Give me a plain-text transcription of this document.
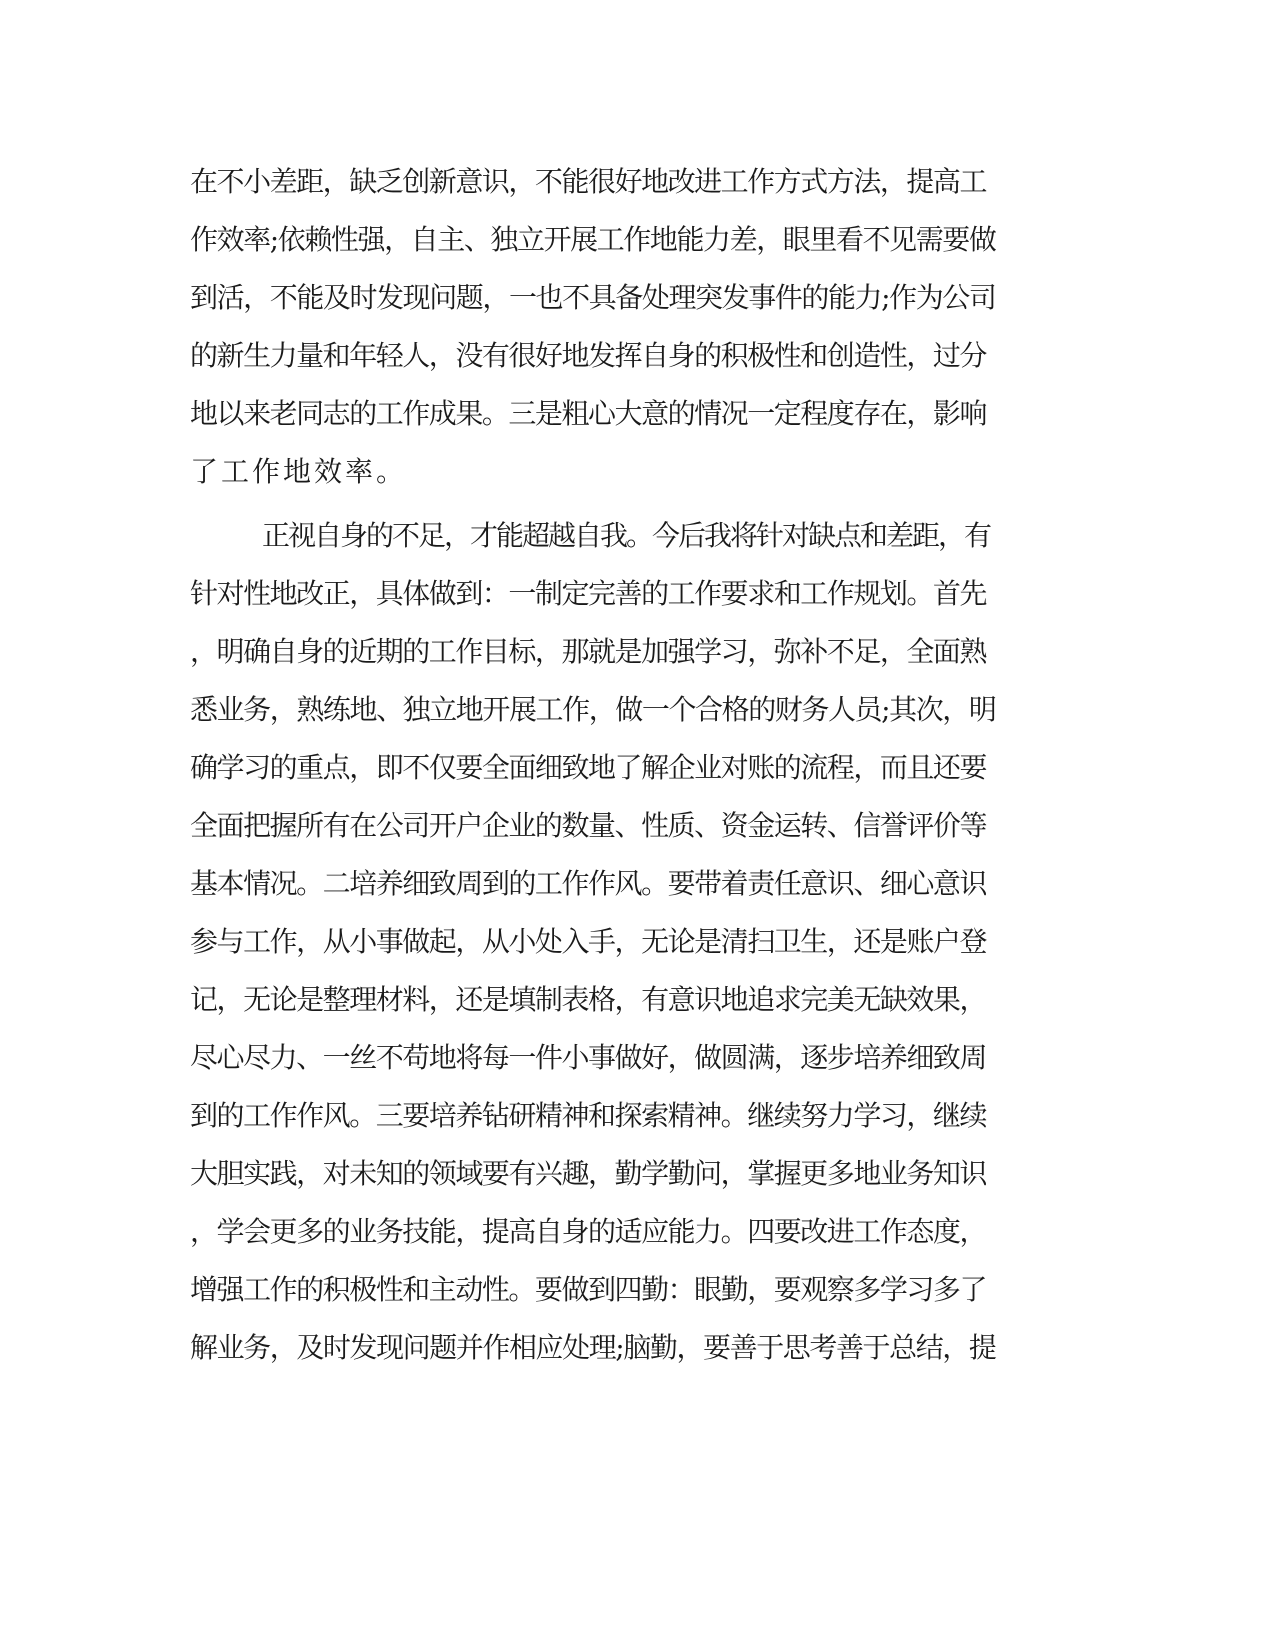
在不小差距，缺乏创新意识，不能很好地改进工作方式方法，提高工
作效率;依赖性强，自主、独立开展工作地能力差，眼里看不见需要做
到活，不能及时发现问题，一也不具备处理突发事件的能力;作为公司
的新生力量和年轻人，没有很好地发挥自身的积极性和创造性，过分
地以来老同志的工作成果。三是粗心大意的情况一定程度存在，影响
了工作地效率。
正视自身的不足，才能超越自我。今后我将针对缺点和差距，有
针对性地改正，具体做到：一制定完善的工作要求和工作规划。首先
，明确自身的近期的工作目标，那就是加强学习，弥补不足，全面熟
悉业务，熟练地、独立地开展工作，做一个合格的财务人员;其次，明
确学习的重点，即不仅要全面细致地了解企业对账的流程，而且还要
全面把握所有在公司开户企业的数量、性质、资金运转、信誉评价等
基本情况。二培养细致周到的工作作风。要带着责任意识、细心意识
参与工作，从小事做起，从小处入手，无论是清扫卫生，还是账户登
记，无论是整理材料，还是填制表格，有意识地追求完美无缺效果，
尽心尽力、一丝不苟地将每一件小事做好，做圆满，逐步培养细致周
到的工作作风。三要培养钻研精神和探索精神。继续努力学习，继续
大胆实践，对未知的领域要有兴趣，勤学勤问，掌握更多地业务知识
，学会更多的业务技能，提高自身的适应能力。四要改进工作态度，
增强工作的积极性和主动性。要做到四勤：眼勤，要观察多学习多了
解业务，及时发现问题并作相应处理;脑勤，要善于思考善于总结，提
